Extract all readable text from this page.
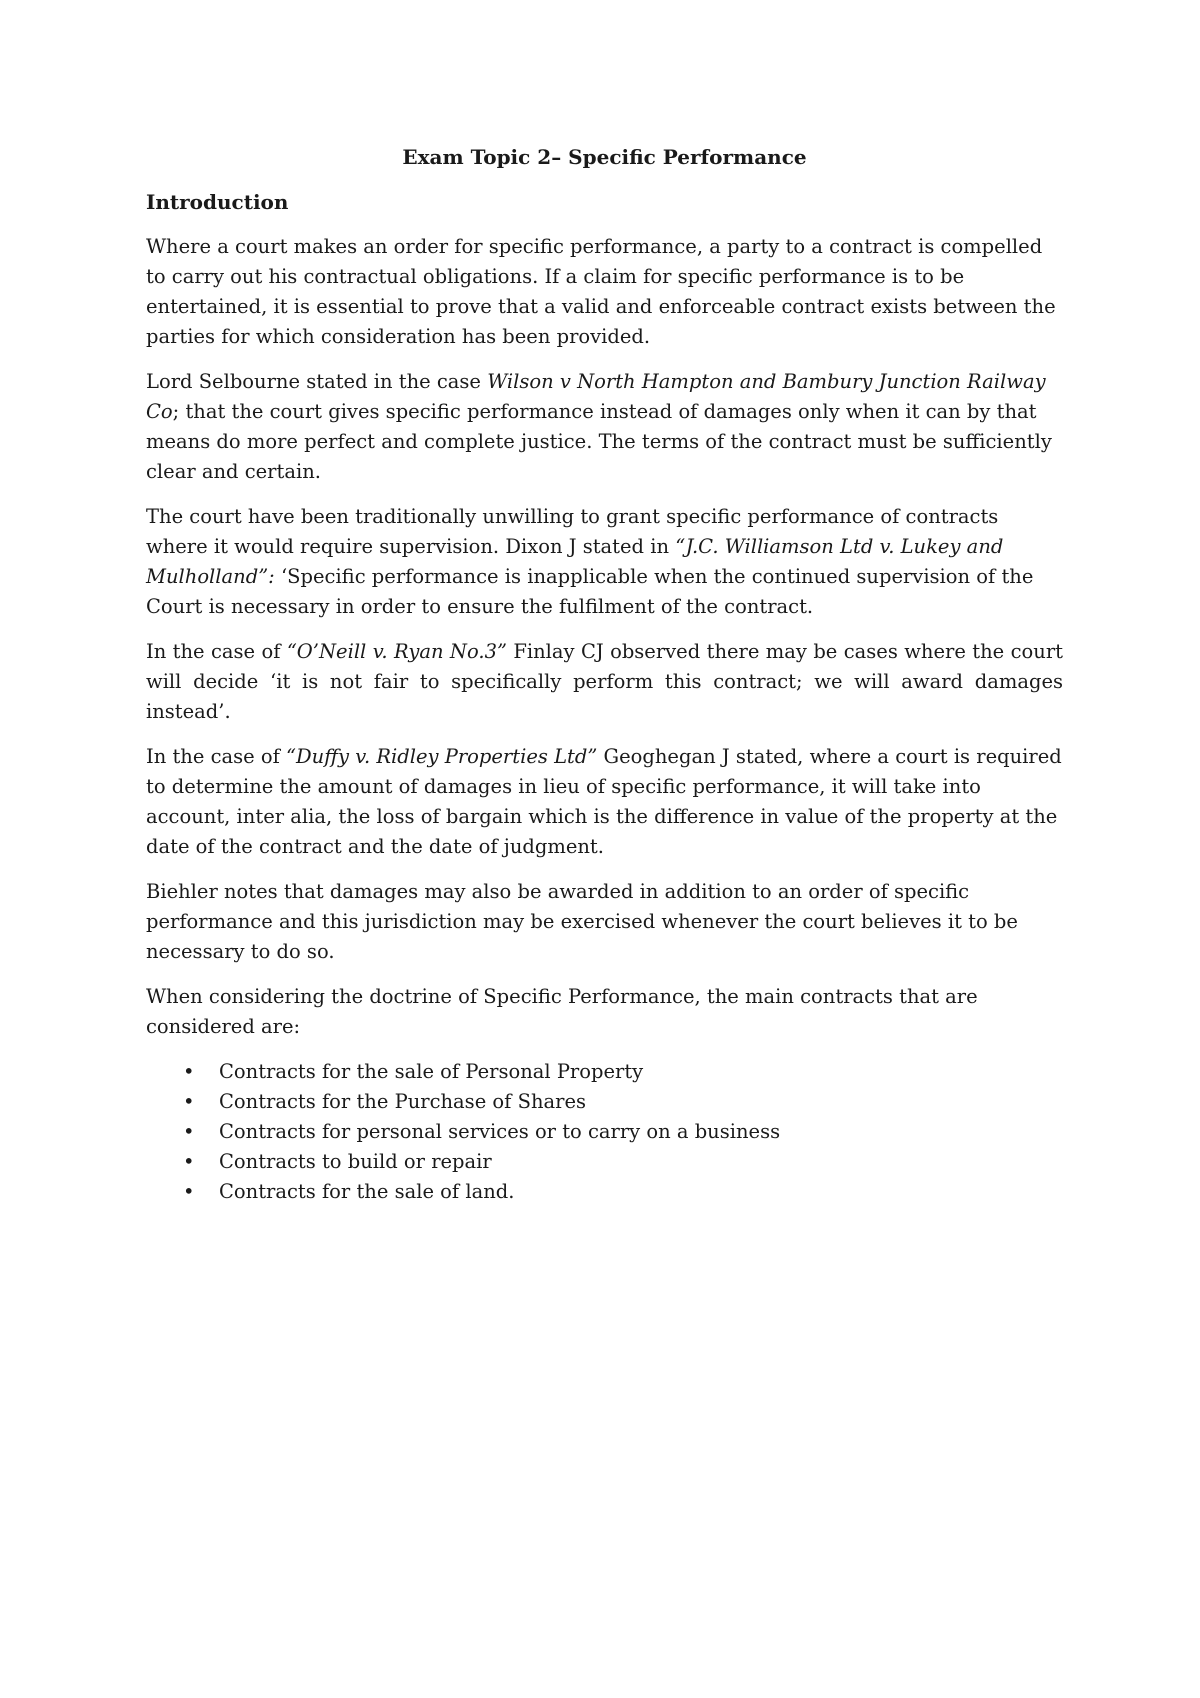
Exam Topic 2– Specific Performance
Introduction

Where a court makes an order for specific performance, a party to a contract is compelled to carry out his contractual obligations. If a claim for specific performance is to be entertained, it is essential to prove that a valid and enforceable contract exists between the parties for which consideration has been provided.

Lord Selbourne stated in the case Wilson v North Hampton and Bambury Junction Railway Co; that the court gives specific performance instead of damages only when it can by that means do more perfect and complete justice. The terms of the contract must be sufficiently clear and certain.

The court have been traditionally unwilling to grant specific performance of contracts where it would require supervision. Dixon J stated in “J.C. Williamson Ltd v. Lukey and Mulholland”: ‘Specific performance is inapplicable when the continued supervision of the Court is necessary in order to ensure the fulfilment of the contract.

In the case of “O’Neill v. Ryan No.3” Finlay CJ observed there may be cases where the court will decide ‘it is not fair to specifically perform this contract; we will award damages instead’.

In the case of “Duffy v. Ridley Properties Ltd” Geoghegan J stated, where a court is required to determine the amount of damages in lieu of specific performance, it will take into account, inter alia, the loss of bargain which is the difference in value of the property at the date of the contract and the date of judgment.

Biehler notes that damages may also be awarded in addition to an order of specific performance and this jurisdiction may be exercised whenever the court believes it to be necessary to do so.

When considering the doctrine of Specific Performance, the main contracts that are considered are:

• Contracts for the sale of Personal Property
• Contracts for the Purchase of Shares
• Contracts for personal services or to carry on a business
• Contracts to build or repair
• Contracts for the sale of land.
